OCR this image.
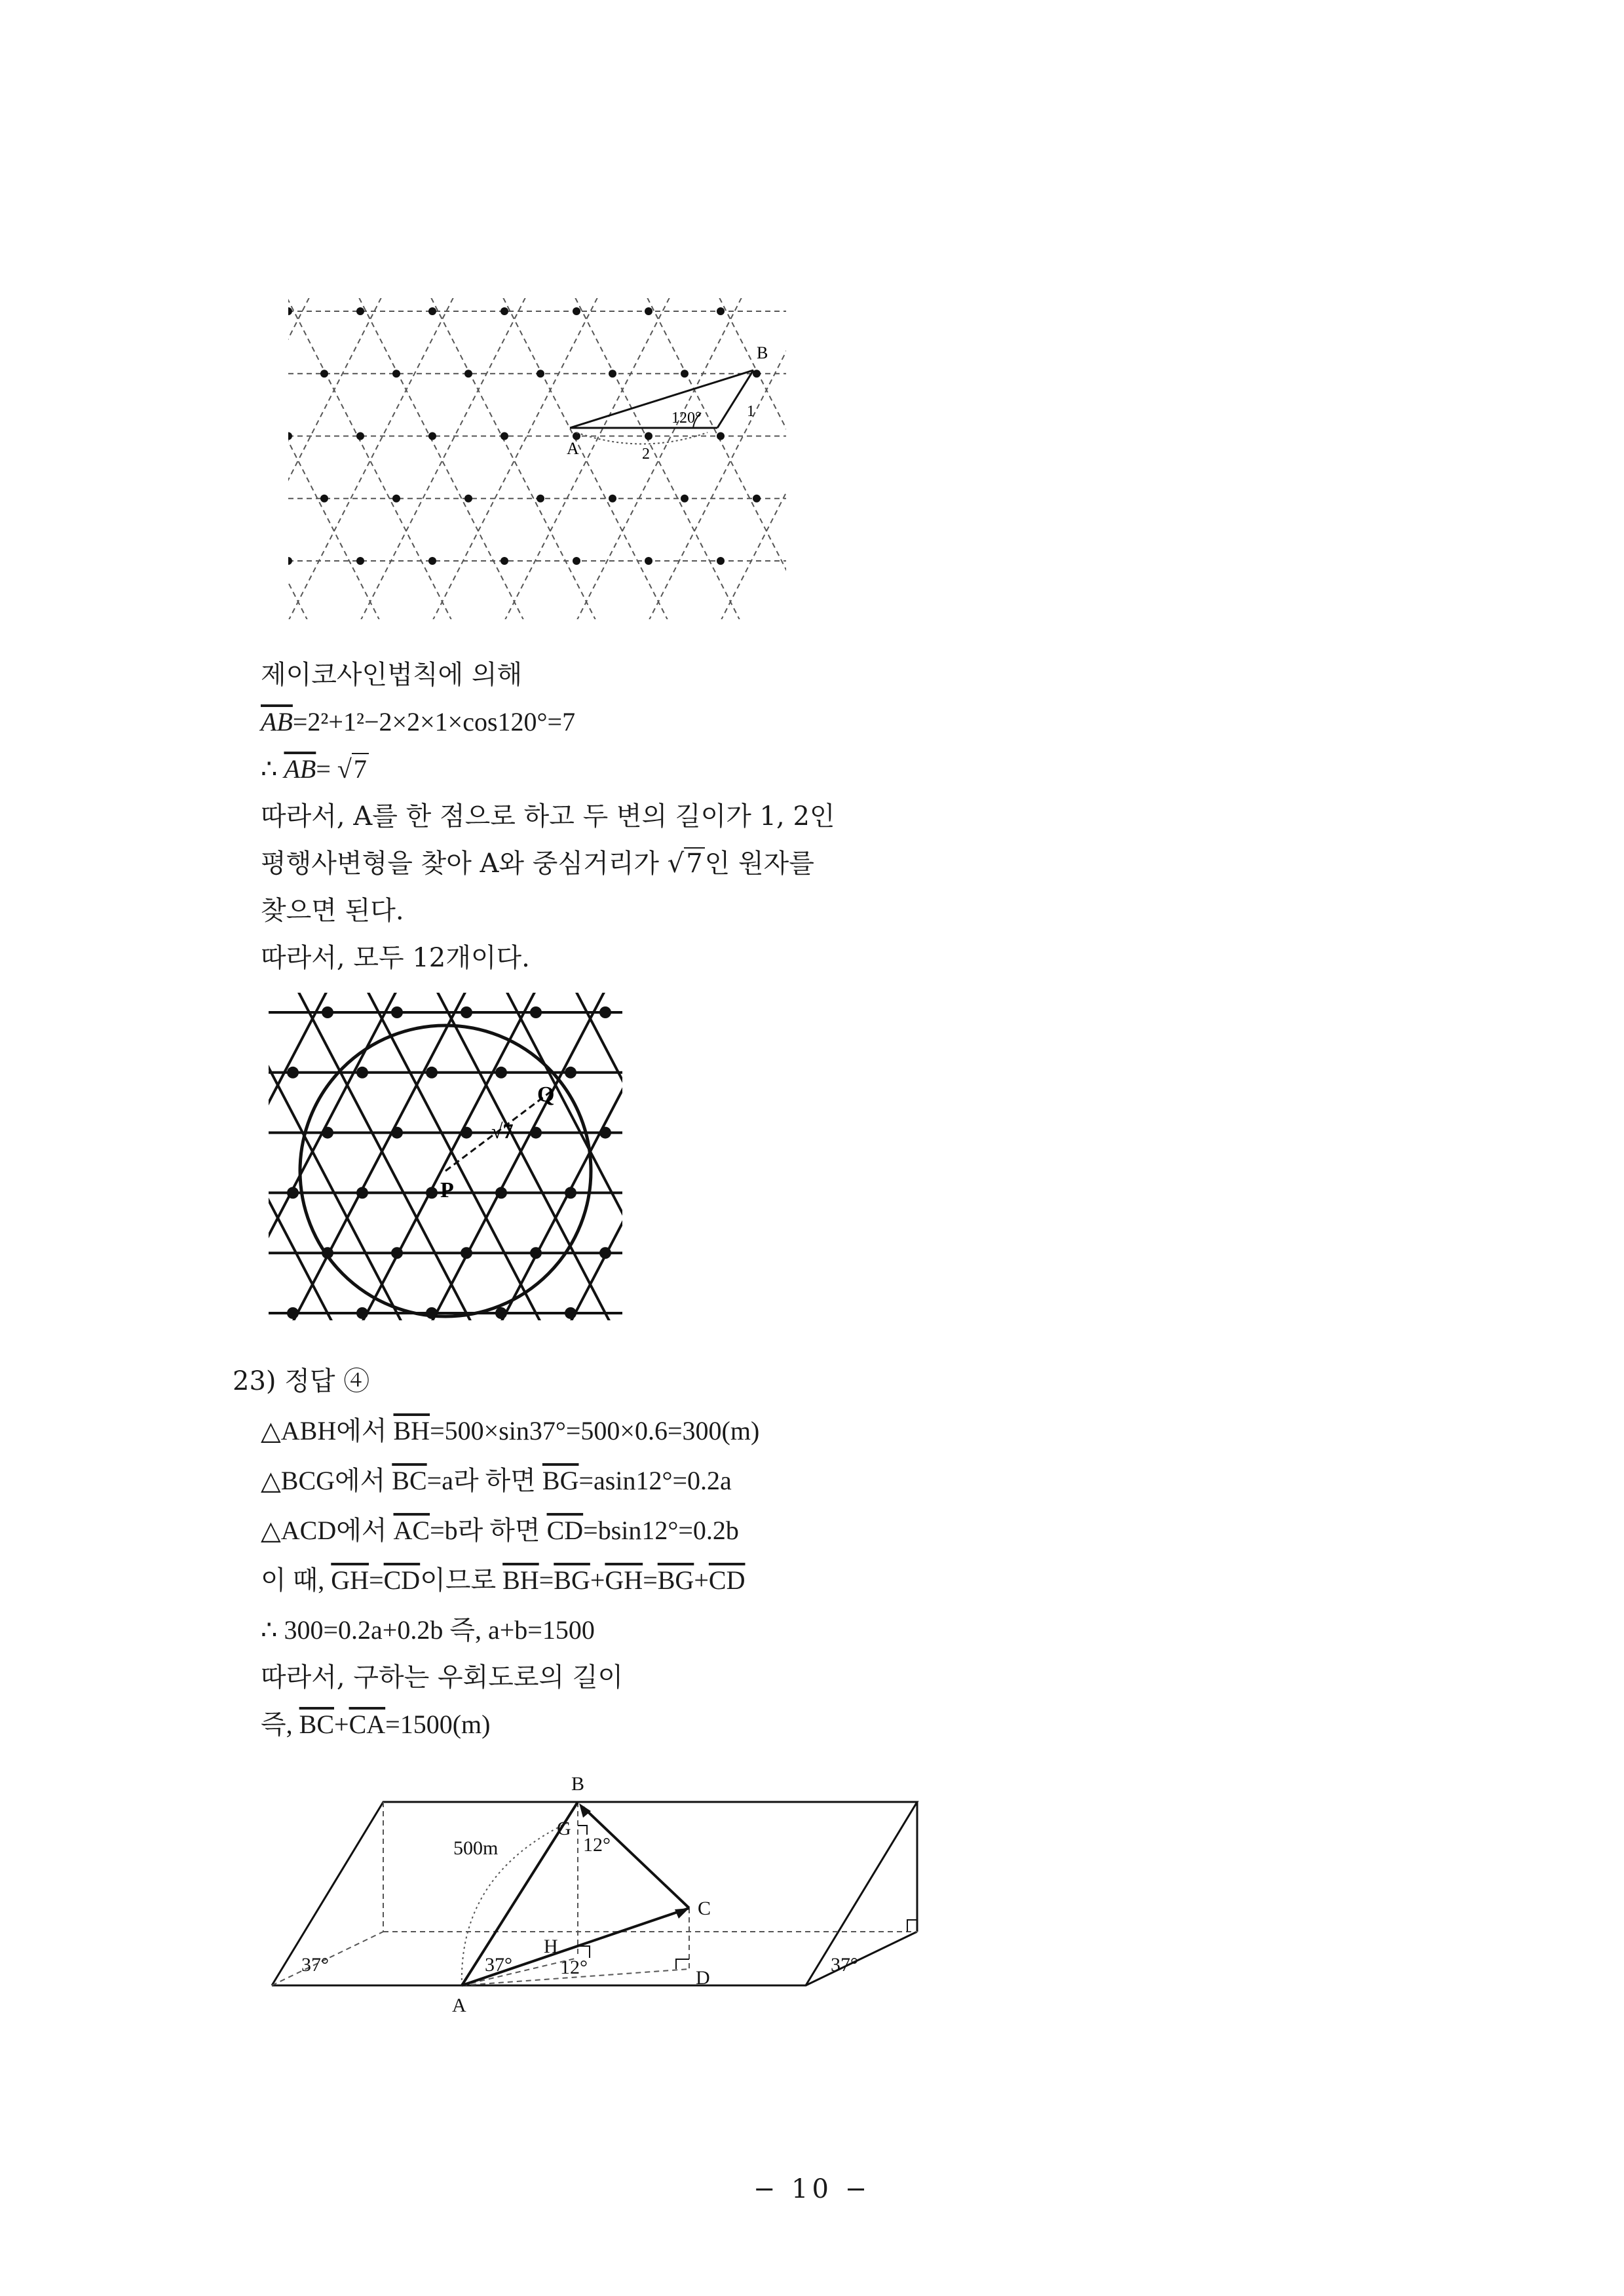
A
B
120°	1
2
제이코사인법칙에 의해
$\overline{AB}=2^2+1^2-2\times 2\times 1\times\cos 120^\circ=7$
∴ $\overline{AB}= √7$
따라서, A를 한 점으로 하고 두 변의 길이가 1, 2인
평행사변형을 찾아 A와 중심거리가 √7인 원자를
찾으면 된다.
따라서, 모두 12개이다.
P
Q
√7
23) 정답 ④
△ABH에서 $\overline{BH}=500\times\sin 37^\circ=500\times 0.6=300(m)$
△BCG에서 $\overline{BC}=a$라 하면 $\overline{BG}=asin12^\circ=0.2a$
△ACD에서 $\overline{AC}=b$라 하면 $\overline{CD}=bsin12^\circ=0.2b$
이 때, $\overline{GH}=\overline{CD}$이므로 $\overline{BH}=\overline{BG}+\overline{GH}=\overline{BG}+\overline{CD}$
∴ 300=0.2a+0.2b 즉, a+b=1500
따라서, 구하는 우회도로의 길이
즉, $\overline{BC}+\overline{CA}=1500(m)$
B
G
H
C
D
A
500m	12°
12°
37°	37°	37°
− 10 −
